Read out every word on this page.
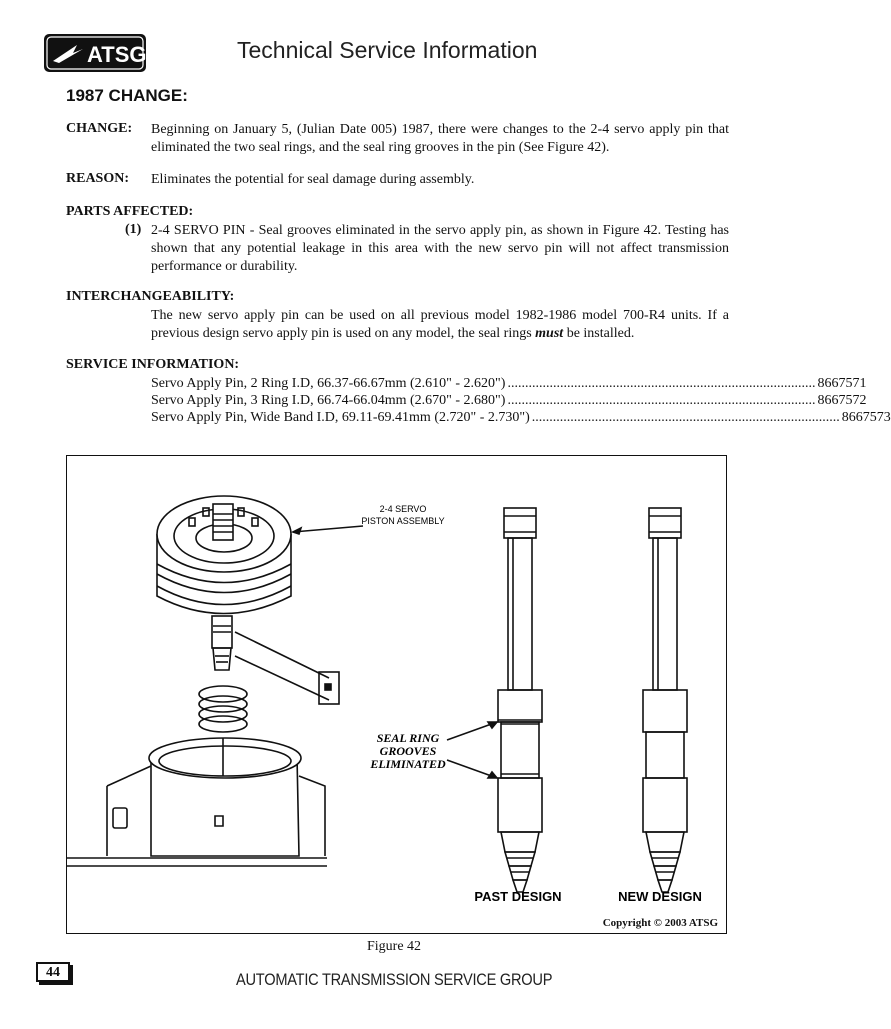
ATSG	Technical Service Information
1987 CHANGE:
CHANGE: Beginning on January 5, (Julian Date 005) 1987, there were changes to the 2-4 servo apply pin that eliminated the two seal rings, and the seal ring grooves in the pin (See Figure 42).
REASON: Eliminates the potential for seal damage during assembly.
PARTS AFFECTED:
(1) 2-4 SERVO PIN - Seal grooves eliminated in the servo apply pin, as shown in Figure 42. Testing has shown that any potential leakage in this area with the new servo pin will not affect transmission performance or durability.
INTERCHANGEABILITY:
The new servo apply pin can be used on all previous model 1982-1986 model 700-R4 units. If a previous design servo apply pin is used on any model, the seal rings must be installed.
SERVICE INFORMATION:
Servo Apply Pin, 2 Ring I.D, 66.37-66.67mm (2.610" - 2.620") ........................................................................................ 8667571
Servo Apply Pin, 3 Ring I.D, 66.74-66.04mm (2.670" - 2.680") ........................................................................................ 8667572
Servo Apply Pin, Wide Band I.D, 69.11-69.41mm (2.720" - 2.730") ........................................................................................ 8667573
2-4 SERVO
PISTON ASSEMBLY
SEAL RING
GROOVES
ELIMINATED
PAST DESIGN	NEW DESIGN
Copyright © 2003 ATSG
Figure 42
44	AUTOMATIC TRANSMISSION SERVICE GROUP
